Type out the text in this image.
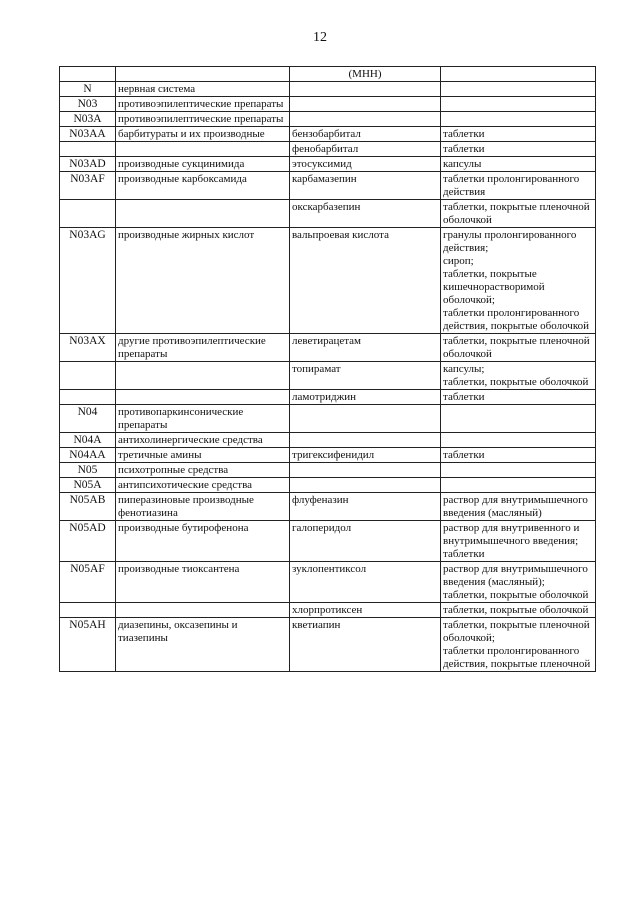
12
		(МНН)	
N	нервная система		
N03	противоэпилептические препараты		
N03A	противоэпилептические препараты		
N03AA	барбитураты и их производные	бензобарбитал	таблетки
		фенобарбитал	таблетки
N03AD	производные сукцинимида	этосуксимид	капсулы
N03AF	производные карбоксамида	карбамазепин	таблетки пролонгированного действия
		окскарбазепин	таблетки, покрытые пленочной оболочкой
N03AG	производные жирных кислот	вальпроевая кислота	гранулы пролонгированного действия;
сироп;
таблетки, покрытые кишечнорастворимой оболочкой;
таблетки пролонгированного действия, покрытые оболочкой
N03AX	другие противоэпилептические препараты	леветирацетам	таблетки, покрытые пленочной оболочкой
		топирамат	капсулы;
таблетки, покрытые оболочкой
		ламотриджин	таблетки
N04	противопаркинсонические препараты		
N04A	антихолинергические средства		
N04AA	третичные амины	тригексифенидил	таблетки
N05	психотропные средства		
N05A	антипсихотические средства		
N05AB	пиперазиновые производные фенотиазина	флуфеназин	раствор для внутримышечного введения (масляный)
N05AD	производные бутирофенона	галоперидол	раствор для внутривенного и внутримышечного введения;
таблетки
N05AF	производные тиоксантена	зуклопентиксол	раствор для внутримышечного введения (масляный);
таблетки, покрытые оболочкой
		хлорпротиксен	таблетки, покрытые оболочкой
N05AH	диазепины, оксазепины и тиазепины	кветиапин	таблетки, покрытые пленочной оболочкой;
таблетки пролонгированного действия, покрытые пленочной
